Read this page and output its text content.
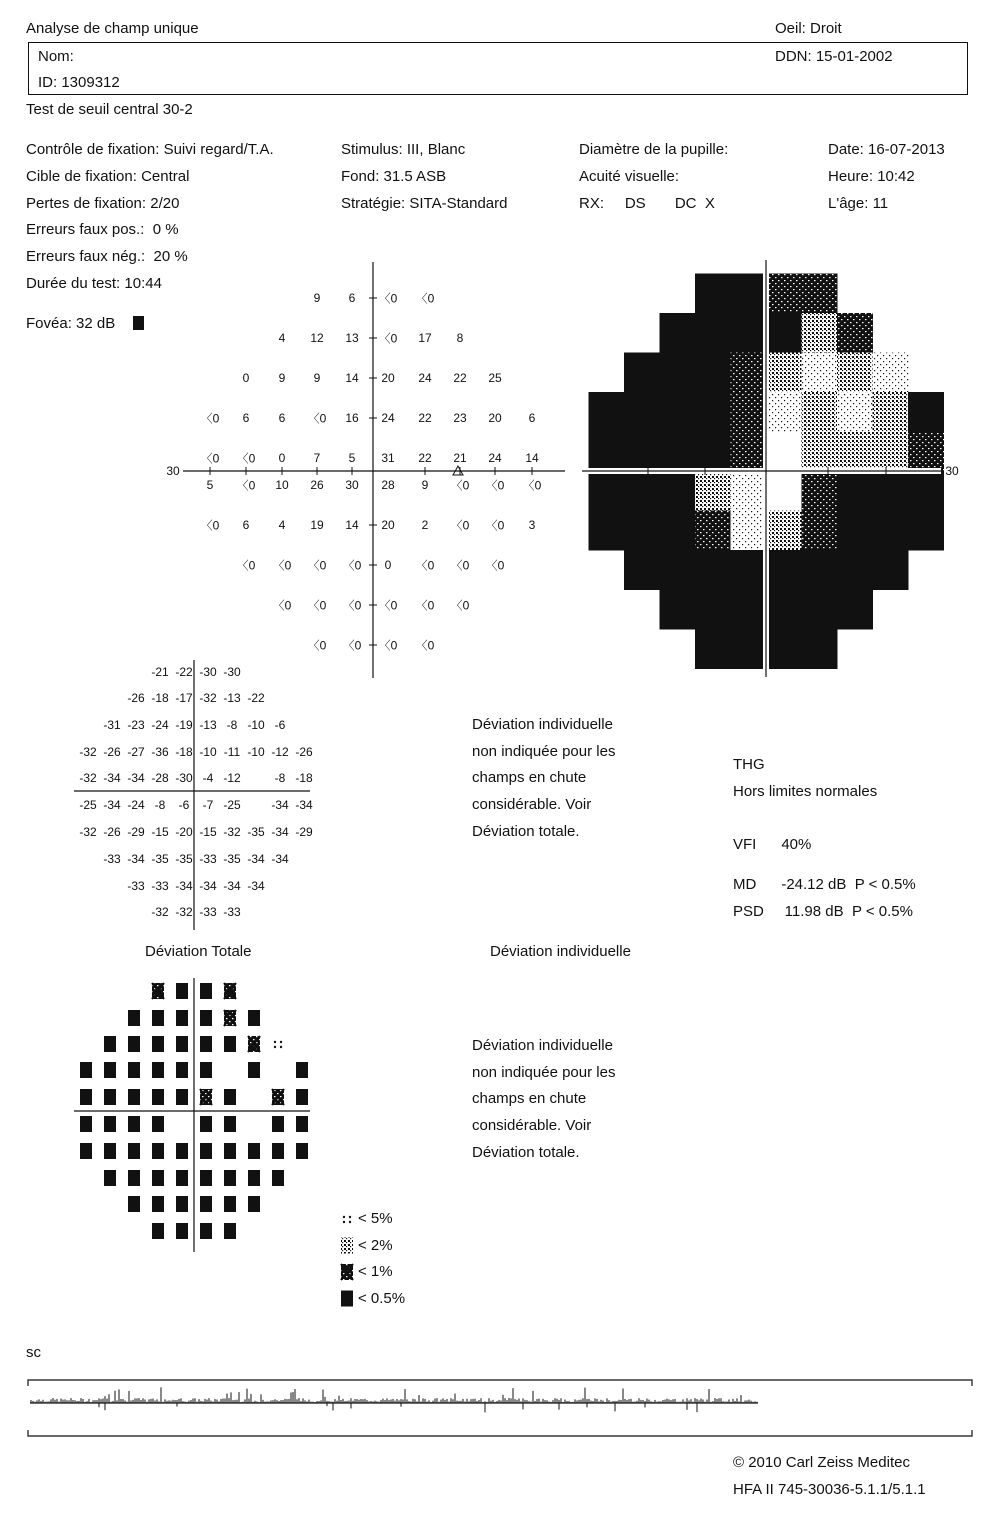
Analyse de champ unique	Oeil: Droit
Nom:	DDN: 15-01-2002
ID: 1309312
Test de seuil central 30-2
Contrôle de fixation: Suivi regard/T.A.
Cible de fixation: Central
Pertes de fixation: 2/20
Erreurs faux pos.:  0 %
Erreurs faux nég.:  20 %
Durée du test: 10:44
Stimulus: III, Blanc
Fond: 31.5 ASB
Stratégie: SITA-Standard
Diamètre de la pupille:
Acuité visuelle:
RX:     DS       DC  X
Date: 16-07-2013
Heure: 10:42
L'âge: 11
Fovéa: 32 dB
30	30
9 6 〈0 〈0
4 12 13 〈0 17 8
0 9 9 14 20 24 22 25
〈0 6 6 〈0 16 24 22 23 20 6
〈0 〈0 0 7 5 31 22 21 24 14
5 〈0 10 26 30 28 9 〈0 〈0 〈0
〈0 6 4 19 14 20 2 〈0 〈0 3
〈0 〈0 〈0 〈0 0 〈0 〈0 〈0
〈0 〈0 〈0 〈0 〈0 〈0
〈0 〈0 〈0 〈0
-21 -22 -30 -30
-26 -18 -17 -32 -13 -22
-31 -23 -24 -19 -13 -8 -10 -6
-32 -26 -27 -36 -18 -10 -11 -10 -12 -26
-32 -34 -34 -28 -30 -4 -12	-8 -18
-25 -34 -24 -8 -6 -7 -25	-34 -34
-32 -26 -29 -15 -20 -15 -32 -35 -34 -29
-33 -34 -35 -35 -33 -35 -34 -34
-33 -33 -34 -34 -34 -34
-32 -32 -33 -33
THG
Hors limites normales
VFI      40%
MD      -24.12 dB  P < 0.5%
PSD     11.98 dB  P < 0.5%
Déviation individuelle
non indiquée pour les
champs en chute
considérable. Voir
Déviation totale.
Déviation individuelle
non indiquée pour les
champs en chute
considérable. Voir
Déviation totale.
Déviation Totale	Déviation individuelle
< 5%
< 2%
< 1%
< 0.5%
sc
© 2010 Carl Zeiss Meditec
HFA II 745-30036-5.1.1/5.1.1
